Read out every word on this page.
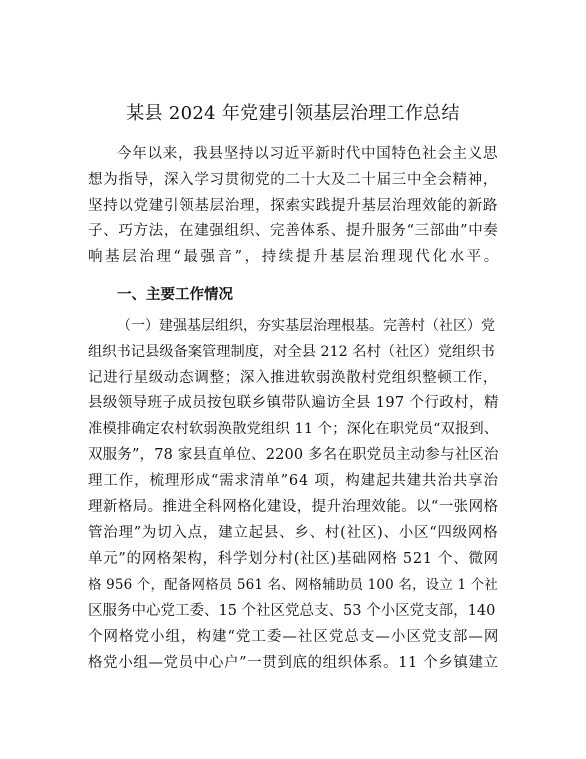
某县 2024 年党建引领基层治理工作总结
今年以来，我县坚持以习近平新时代中国特色社会主义思
想为指导，深入学习贯彻党的二十大及二十届三中全会精神，
坚持以党建引领基层治理，探索实践提升基层治理效能的新路
子、巧方法，在建强组织、完善体系、提升服务“三部曲”中奏
响基层治理“最强音”，持续提升基层治理现代化水平。
一、主要工作情况
（一）建强基层组织，夯实基层治理根基。完善村（社区）党
组织书记县级备案管理制度，对全县 212 名村（社区）党组织书
记进行星级动态调整；深入推进软弱涣散村党组织整顿工作，
县级领导班子成员按包联乡镇带队遍访全县 197 个行政村，精
准模排确定农村软弱涣散党组织 11 个；深化在职党员“双报到、
双服务”，78 家县直单位、2200 多名在职党员主动参与社区治
理工作，梳理形成“需求清单”64 项，构建起共建共治共享治
理新格局。推进全科网格化建设，提升治理效能。以“一张网格
管治理”为切入点，建立起县、乡、村(社区)、小区“四级网格
单元”的网格架构，科学划分村(社区)基础网格 521 个、微网
格 956 个，配备网格员 561 名、网格辅助员 100 名，设立 1 个社
区服务中心党工委、15 个社区党总支、53 个小区党支部，140
个网格党小组，构建“党工委—社区党总支—小区党支部—网
格党小组—党员中心户”一贯到底的组织体系。11 个乡镇建立
